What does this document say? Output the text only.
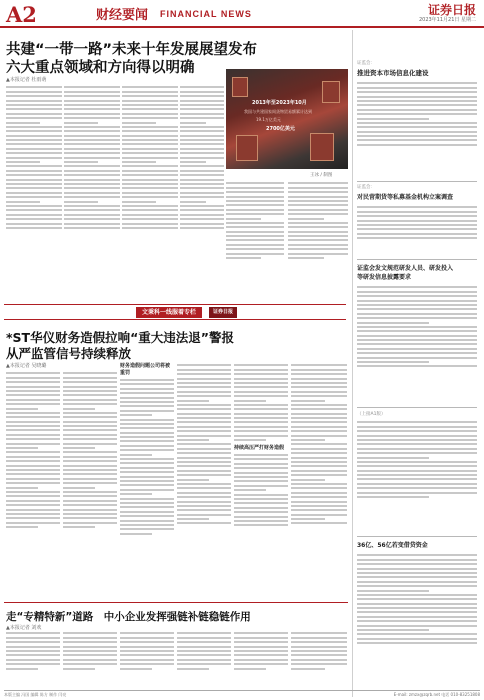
A2	财经要闻 FINANCIAL NEWS	证券日报
2023年11月21日 星期二
共建“一带一路”未来十年发展展望发布
六大重点领域和方向得以明确
▲本报记者 杜雨萌
2013年至2023年10月
我国与共建国家间货物贸易额累计达到
19.1万亿美元
2700亿美元
王冰 / 制图
文秉科一线服着专栏	证券日报
*ST华仪财务造假拉响“重大违法退”警报
从严监管信号持续释放
▲本报记者 吴晓璐	财务造假问题公司将被重罚
持续高压严打财务造假
走“专精特新”道路　中小企业发挥强链补链稳链作用
▲本报记者 刘欢
证监会：
推进资本市场信息化建设
证监会：
对民营期货等私募基金机构立案调查
证监会发文规范研发人员、研发投入
等研发信息披露要求
（上接A1版）
36亿、56亿若变借贷资金
本版主编 冯国 编辑 陈方 制作 闫亮	E-mail: zmzx@zqrb.net 电话 010-83251808
